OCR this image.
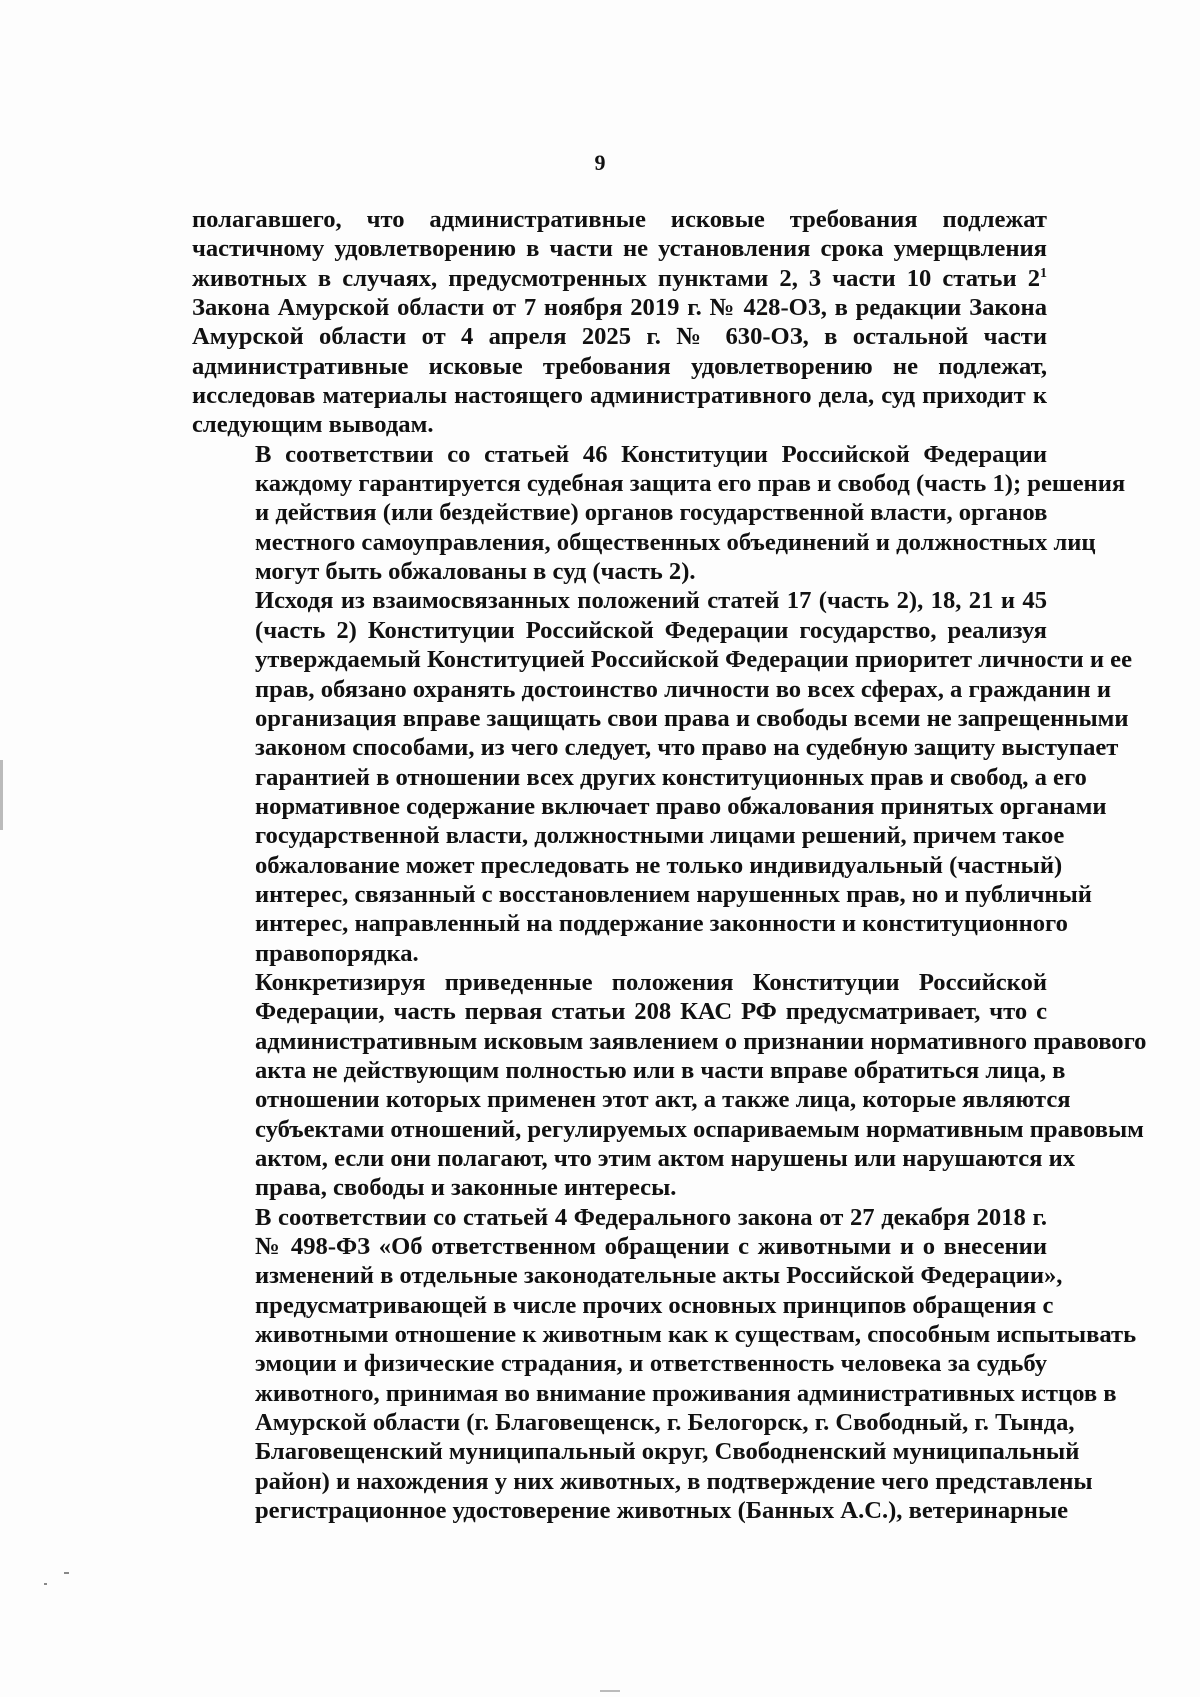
9
полагавшего, что административные исковые требования подлежат
частичному удовлетворению в части не установления срока умерщвления
животных в случаях, предусмотренных пунктами 2, 3 части 10 статьи $2^1$
Закона Амурской области от 7 ноября 2019 г. № 428-ОЗ, в редакции Закона
Амурской области от 4 апреля 2025 г. № 630-ОЗ, в остальной части
административные исковые требования удовлетворению не подлежат,
исследовав материалы настоящего административного дела, суд приходит к
следующим выводам.
В соответствии со статьей 46 Конституции Российской Федерации
каждому гарантируется судебная защита его прав и свобод (часть 1); решения
и действия (или бездействие) органов государственной власти, органов
местного самоуправления, общественных объединений и должностных лиц
могут быть обжалованы в суд (часть 2).
Исходя из взаимосвязанных положений статей 17 (часть 2), 18, 21 и 45
(часть 2) Конституции Российской Федерации государство, реализуя
утверждаемый Конституцией Российской Федерации приоритет личности и ее
прав, обязано охранять достоинство личности во всех сферах, а гражданин и
организация вправе защищать свои права и свободы всеми не запрещенными
законом способами, из чего следует, что право на судебную защиту выступает
гарантией в отношении всех других конституционных прав и свобод, а его
нормативное содержание включает право обжалования принятых органами
государственной власти, должностными лицами решений, причем такое
обжалование может преследовать не только индивидуальный (частный)
интерес, связанный с восстановлением нарушенных прав, но и публичный
интерес, направленный на поддержание законности и конституционного
правопорядка.
Конкретизируя приведенные положения Конституции Российской
Федерации, часть первая статьи 208 КАС РФ предусматривает, что с
административным исковым заявлением о признании нормативного правового
акта не действующим полностью или в части вправе обратиться лица, в
отношении которых применен этот акт, а также лица, которые являются
субъектами отношений, регулируемых оспариваемым нормативным правовым
актом, если они полагают, что этим актом нарушены или нарушаются их
права, свободы и законные интересы.
В соответствии со статьей 4 Федерального закона от 27 декабря 2018 г.
№ 498-ФЗ «Об ответственном обращении с животными и о внесении
изменений в отдельные законодательные акты Российской Федерации»,
предусматривающей в числе прочих основных принципов обращения с
животными отношение к животным как к существам, способным испытывать
эмоции и физические страдания, и ответственность человека за судьбу
животного, принимая во внимание проживания административных истцов в
Амурской области (г. Благовещенск, г. Белогорск, г. Свободный, г. Тында,
Благовещенский муниципальный округ, Свободненский муниципальный
район) и нахождения у них животных, в подтверждение чего представлены
регистрационное удостоверение животных (Банных А.С.), ветеринарные
